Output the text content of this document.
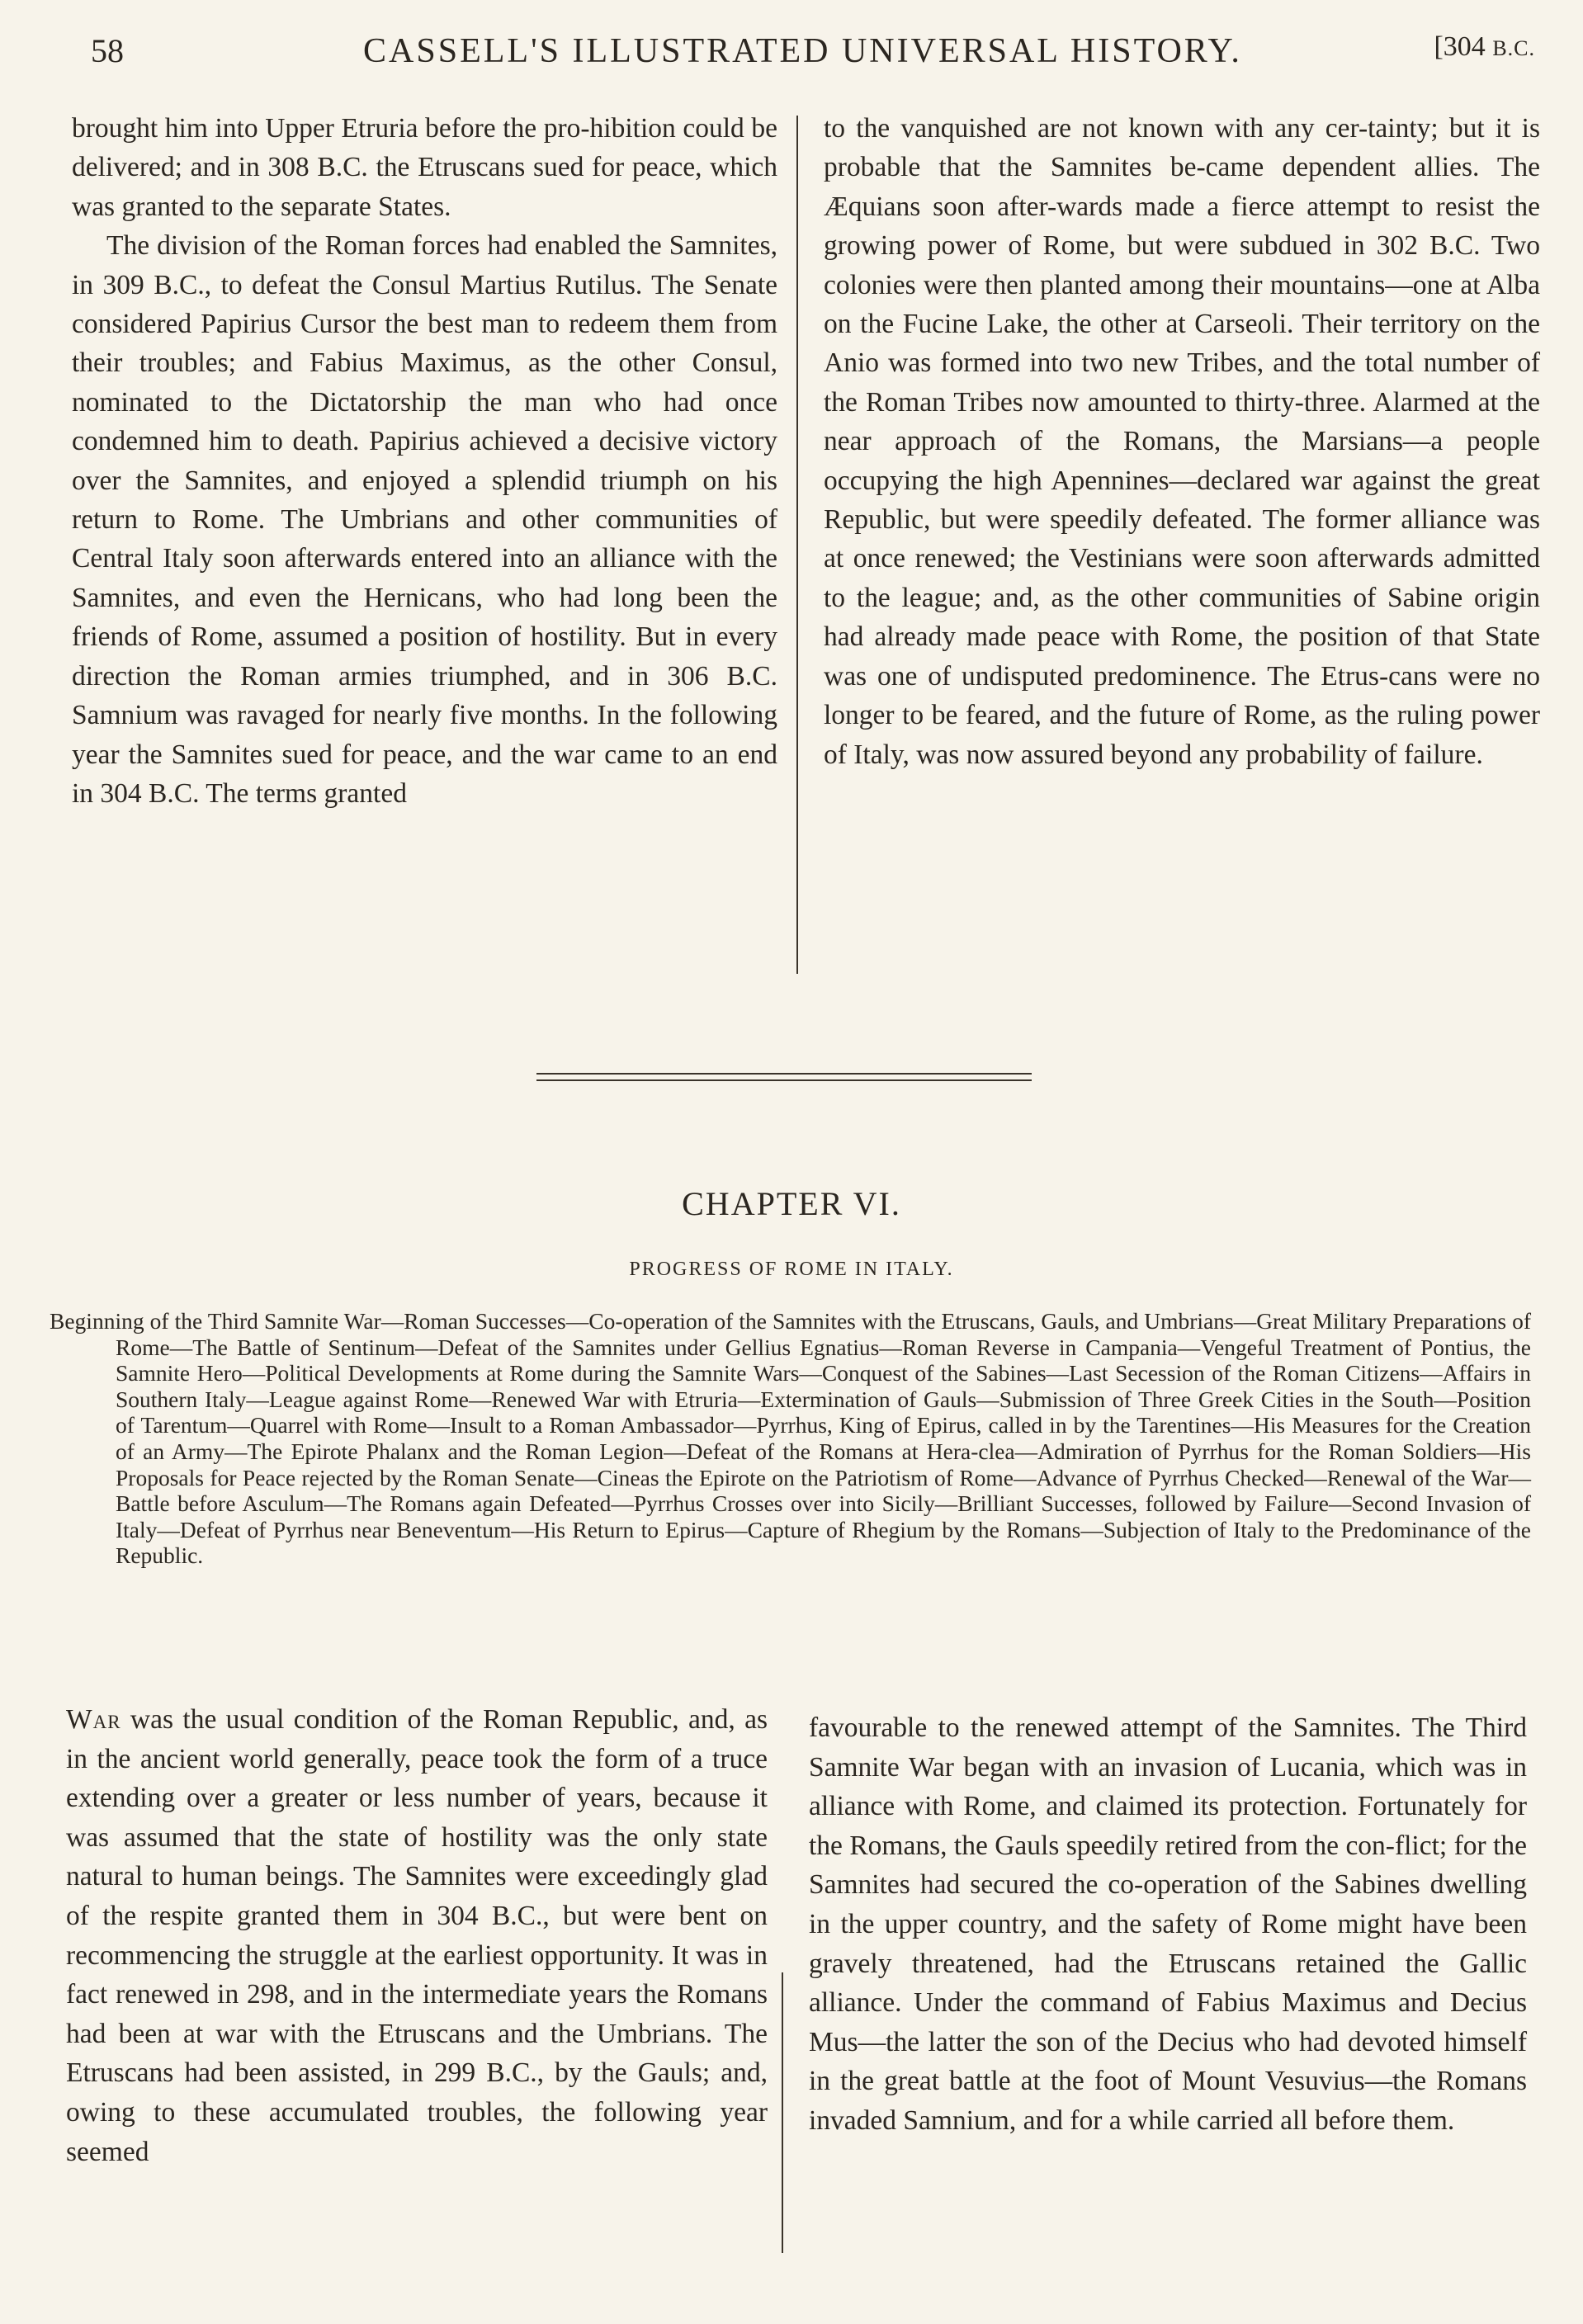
58	CASSELL'S ILLUSTRATED UNIVERSAL HISTORY.	[304 B.C.

brought him into Upper Etruria before the pro-hibition could be delivered; and in 308 B.C. the Etruscans sued for peace, which was granted to the separate States.

The division of the Roman forces had enabled the Samnites, in 309 B.C., to defeat the Consul Martius Rutilus. The Senate considered Papirius Cursor the best man to redeem them from their troubles; and Fabius Maximus, as the other Consul, nominated to the Dictatorship the man who had once condemned him to death. Papirius achieved a decisive victory over the Samnites, and enjoyed a splendid triumph on his return to Rome. The Umbrians and other communities of Central Italy soon afterwards entered into an alliance with the Samnites, and even the Hernicans, who had long been the friends of Rome, assumed a position of hostility. But in every direction the Roman armies triumphed, and in 306 B.C. Samnium was ravaged for nearly five months. In the following year the Samnites sued for peace, and the war came to an end in 304 B.C. The terms granted

to the vanquished are not known with any cer-tainty; but it is probable that the Samnites be-came dependent allies. The Æquians soon after-wards made a fierce attempt to resist the growing power of Rome, but were subdued in 302 B.C. Two colonies were then planted among their mountains—one at Alba on the Fucine Lake, the other at Carseoli. Their territory on the Anio was formed into two new Tribes, and the total number of the Roman Tribes now amounted to thirty-three. Alarmed at the near approach of the Romans, the Marsians—a people occupying the high Apennines—declared war against the great Republic, but were speedily defeated. The former alliance was at once renewed; the Vestinians were soon afterwards admitted to the league; and, as the other communities of Sabine origin had already made peace with Rome, the position of that State was one of undisputed predominence. The Etrus-cans were no longer to be feared, and the future of Rome, as the ruling power of Italy, was now assured beyond any probability of failure.

CHAPTER VI.
PROGRESS OF ROME IN ITALY.

Beginning of the Third Samnite War—Roman Successes—Co-operation of the Samnites with the Etruscans, Gauls, and Umbrians—Great Military Preparations of Rome—The Battle of Sentinum—Defeat of the Samnites under Gellius Egnatius—Roman Reverse in Campania—Vengeful Treatment of Pontius, the Samnite Hero—Political Developments at Rome during the Samnite Wars—Conquest of the Sabines—Last Secession of the Roman Citizens—Affairs in Southern Italy—League against Rome—Renewed War with Etruria—Extermination of Gauls—Submission of Three Greek Cities in the South—Position of Tarentum—Quarrel with Rome—Insult to a Roman Ambassador—Pyrrhus, King of Epirus, called in by the Tarentines—His Measures for the Creation of an Army—The Epirote Phalanx and the Roman Legion—Defeat of the Romans at Hera-clea—Admiration of Pyrrhus for the Roman Soldiers—His Proposals for Peace rejected by the Roman Senate—Cineas the Epirote on the Patriotism of Rome—Advance of Pyrrhus Checked—Renewal of the War—Battle before Asculum—The Romans again Defeated—Pyrrhus Crosses over into Sicily—Brilliant Successes, followed by Failure—Second Invasion of Italy—Defeat of Pyrrhus near Beneventum—His Return to Epirus—Capture of Rhegium by the Romans—Subjection of Italy to the Predominance of the Republic.

War was the usual condition of the Roman Republic, and, as in the ancient world generally, peace took the form of a truce extending over a greater or less number of years, because it was assumed that the state of hostility was the only state natural to human beings. The Samnites were exceedingly glad of the respite granted them in 304 B.C., but were bent on recommencing the struggle at the earliest opportunity. It was in fact renewed in 298, and in the intermediate years the Romans had been at war with the Etruscans and the Umbrians. The Etruscans had been assisted, in 299 B.C., by the Gauls; and, owing to these accumulated troubles, the following year seemed

favourable to the renewed attempt of the Samnites. The Third Samnite War began with an invasion of Lucania, which was in alliance with Rome, and claimed its protection. Fortunately for the Romans, the Gauls speedily retired from the con-flict; for the Samnites had secured the co-operation of the Sabines dwelling in the upper country, and the safety of Rome might have been gravely threatened, had the Etruscans retained the Gallic alliance. Under the command of Fabius Maximus and Decius Mus—the latter the son of the Decius who had devoted himself in the great battle at the foot of Mount Vesuvius—the Romans invaded Samnium, and for a while carried all before them.
